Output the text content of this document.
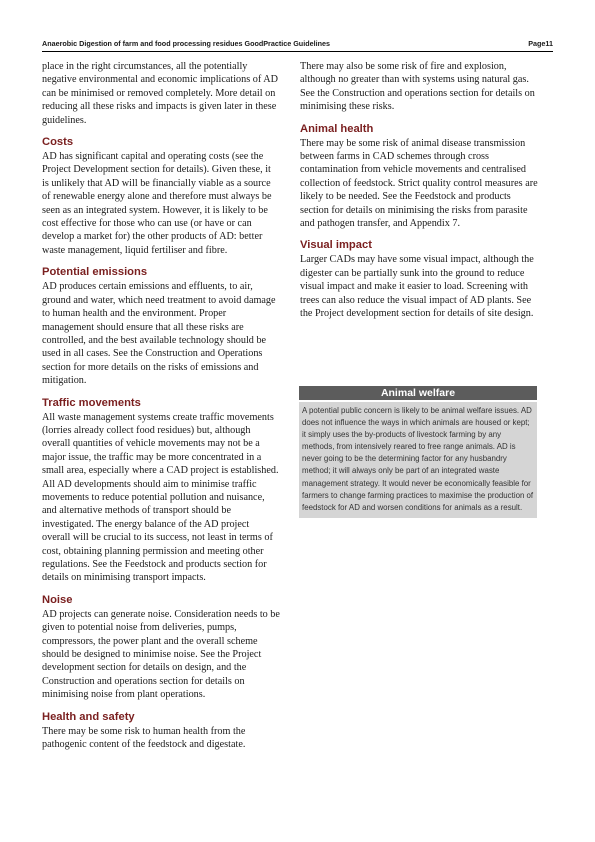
Anaerobic Digestion of farm and food processing residues GoodPractice Guidelines	Page11

place in the right circumstances, all the potentially negative environmental and economic implications of AD can be minimised or removed completely. More detail on reducing all these risks and impacts is given later in these guidelines.

Costs

AD has significant capital and operating costs (see the Project Development section for details). Given these, it is unlikely that AD will be financially viable as a source of renewable energy alone and therefore must always be seen as an integrated system. However, it is likely to be cost effective for those who can use (or have or can develop a market for) the other products of AD: better waste management, liquid fertiliser and fibre.

Potential emissions

AD produces certain emissions and effluents, to air, ground and water, which need treatment to avoid damage to human health and the environment. Proper management should ensure that all these risks are controlled, and the best available technology should be used in all cases. See the Construction and Operations section for more details on the risks of emissions and mitigation.

Traffic movements

All waste management systems create traffic movements (lorries already collect food residues) but, although overall quantities of vehicle movements may not be a major issue, the traffic may be more concentrated in a small area, especially where a CAD project is established. All AD developments should aim to minimise traffic movements to reduce potential pollution and nuisance, and alternative methods of transport should be investigated. The energy balance of the AD project overall will be crucial to its success, not least in terms of cost, obtaining planning permission and meeting other regulations. See the Feedstock and products section for details on minimising transport impacts.

Noise

AD projects can generate noise. Consideration needs to be given to potential noise from deliveries, pumps, compressors, the power plant and the overall scheme should be designed to minimise noise. See the Project development section for details on design, and the Construction and operations section for details on minimising noise from plant operations.

Health and safety

There may be some risk to human health from the pathogenic content of the feedstock and digestate.

There may also be some risk of fire and explosion, although no greater than with systems using natural gas. See the Construction and operations section for details on minimising these risks.

Animal health

There may be some risk of animal disease transmission between farms in CAD schemes through cross contamination from vehicle movements and centralised collection of feedstock. Strict quality control measures are likely to be needed. See the Feedstock and products section for details on minimising the risks from parasite and pathogen transfer, and Appendix 7.

Visual impact

Larger CADs may have some visual impact, although the digester can be partially sunk into the ground to reduce visual impact and make it easier to load. Screening with trees can also reduce the visual impact of AD plants. See the Project development section for details of site design.

Animal welfare
A potential public concern is likely to be animal welfare issues. AD does not influence the ways in which animals are housed or kept; it simply uses the by-products of livestock farming by any methods, from intensively reared to free range animals. AD is never going to be the determining factor for any husbandry method; it will always only be part of an integrated waste management strategy. It would never be economically feasible for farmers to change farming practices to maximise the production of feedstock for AD and worsen conditions for animals as a result.
